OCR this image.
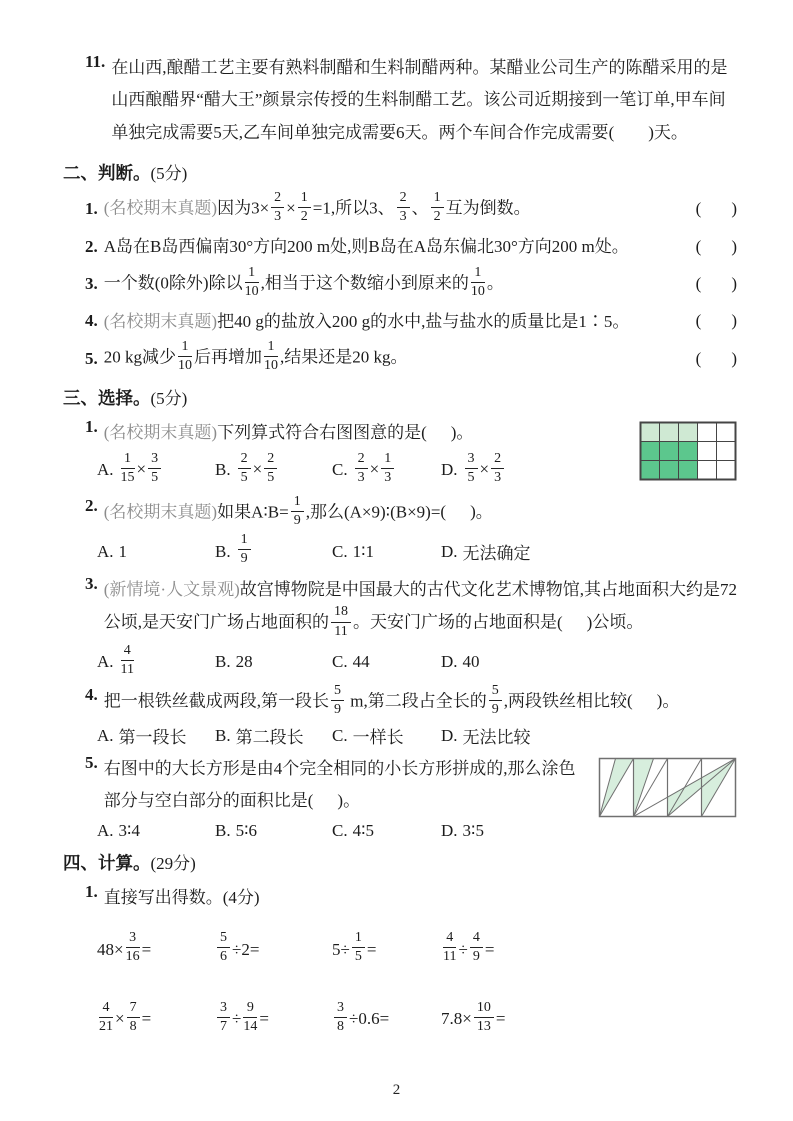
11. 在山西,酿醋工艺主要有熟料制醋和生料制醋两种。某醋业公司生产的陈醋采用的是山西酿醋界“醋大王”颜景宗传授的生料制醋工艺。该公司近期接到一笔订单,甲车间单独完成需要5天,乙车间单独完成需要6天。两个车间合作完成需要( )天。
二、判断。(5分)
1. (名校期末真题)因为$3\times \frac{2}{3} \times \frac{1}{2} =1$,所以3、 $\frac{2}{3}$ 、 $\frac{1}{2}$ 互为倒数。	( )
2. A岛在B岛西偏南30°方向200 m处,则B岛在A岛东偏北30°方向200 m处。	( )
3. 一个数(0除外)除以 $\frac{1}{10}$ ,相当于这个数缩小到原来的 $\frac{1}{10}$ 。	( )
4. (名校期末真题)把40 g的盐放入200 g的水中,盐与盐水的质量比是1∶5。	( )
5. 20 kg减少 $\frac{1}{10}$ 后再增加 $\frac{1}{10}$ ,结果还是20 kg。	( )
三、选择。(5分)
1. (名校期末真题)下列算式符合右图图意的是( )。
A. $\frac{1}{15} \times \frac{3}{5}$	B. $\frac{2}{5} \times \frac{2}{5}$	C. $\frac{2}{3} \times \frac{1}{3}$	D. $\frac{3}{5} \times \frac{2}{3}$
2. (名校期末真题)如果A∶B= $\frac{1}{9}$ ,那么(A×9)∶(B×9)=( )。
A. 1	B. $\frac{1}{9}$	C. 1∶1	D. 无法确定
3. (新情境·人文景观)故宫博物院是中国最大的古代文化艺术博物馆,其占地面积大约是72公顷,是天安门广场占地面积的 $\frac{18}{11}$ 。天安门广场的占地面积是( )公顷。
A. $\frac{4}{11}$	B. 28	C. 44	D. 40
4. 把一根铁丝截成两段,第一段长 $\frac{5}{9} m$,第二段占全长的 $\frac{5}{9}$ ,两段铁丝相比较( )。
A. 第一段长 B. 第二段长 C. 一样长 D. 无法比较
5. 右图中的大长方形是由4个完全相同的小长方形拼成的,那么涂色部分与空白部分的面积比是( )。
A. 3∶4	B. 5∶6	C. 4∶5	D. 3∶5
四、计算。(29分)
1. 直接写出得数。(4分)
$48\times \frac{3}{16}$ =	$\frac{5}{6} \div 2=$	$5\div \frac{1}{5}$ =	$\frac{4}{11} \div \frac{4}{9}$ =
$\frac{4}{21} \times \frac{7}{8}$ =	$\frac{3}{7} \div \frac{9}{14}$ =	$\frac{3}{8} \div 0.6=$	$7.8\times \frac{10}{13}$ =
2
